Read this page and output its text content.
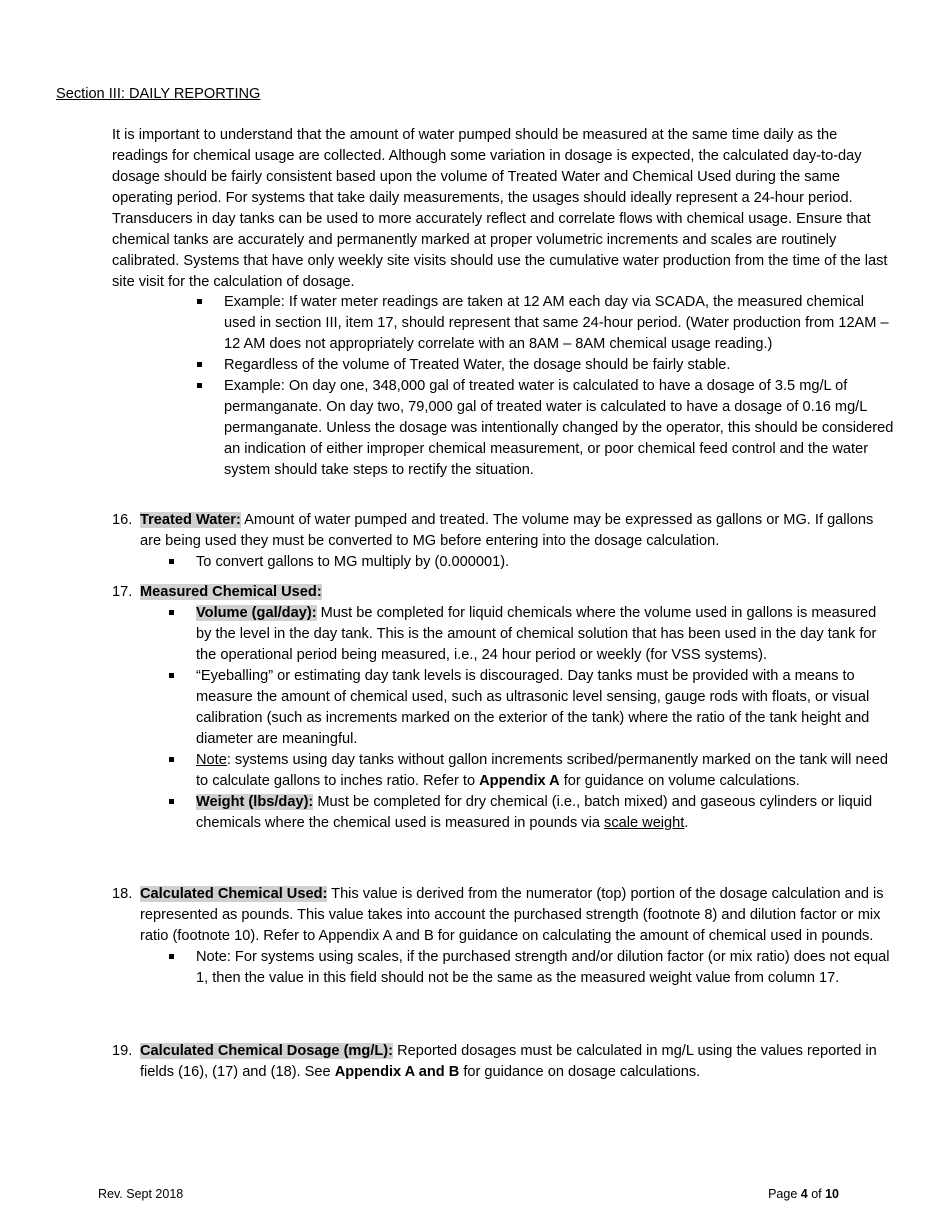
Section III: DAILY REPORTING

It is important to understand that the amount of water pumped should be measured at the same time daily as the readings for chemical usage are collected. Although some variation in dosage is expected, the calculated day-to-day dosage should be fairly consistent based upon the volume of Treated Water and Chemical Used during the same operating period. For systems that take daily measurements, the usages should ideally represent a 24-hour period. Transducers in day tanks can be used to more accurately reflect and correlate flows with chemical usage. Ensure that chemical tanks are accurately and permanently marked at proper volumetric increments and scales are routinely calibrated. Systems that have only weekly site visits should use the cumulative water production from the time of the last site visit for the calculation of dosage.

Example: If water meter readings are taken at 12 AM each day via SCADA, the measured chemical used in section III, item 17, should represent that same 24-hour period. (Water production from 12AM – 12 AM does not appropriately correlate with an 8AM – 8AM chemical usage reading.)
Regardless of the volume of Treated Water, the dosage should be fairly stable.
Example: On day one, 348,000 gal of treated water is calculated to have a dosage of 3.5 mg/L of permanganate. On day two, 79,000 gal of treated water is calculated to have a dosage of 0.16 mg/L permanganate. Unless the dosage was intentionally changed by the operator, this should be considered an indication of either improper chemical measurement, or poor chemical feed control and the water system should take steps to rectify the situation.
16. Treated Water: Amount of water pumped and treated. The volume may be expressed as gallons or MG. If gallons are being used they must be converted to MG before entering into the dosage calculation.
To convert gallons to MG multiply by (0.000001).
17. Measured Chemical Used:
Volume (gal/day): Must be completed for liquid chemicals where the volume used in gallons is measured by the level in the day tank. This is the amount of chemical solution that has been used in the day tank for the operational period being measured, i.e., 24 hour period or weekly (for VSS systems).
“Eyeballing” or estimating day tank levels is discouraged. Day tanks must be provided with a means to measure the amount of chemical used, such as ultrasonic level sensing, gauge rods with floats, or visual calibration (such as increments marked on the exterior of the tank) where the ratio of the tank height and diameter are meaningful.
Note: systems using day tanks without gallon increments scribed/permanently marked on the tank will need to calculate gallons to inches ratio. Refer to Appendix A for guidance on volume calculations.
Weight (lbs/day): Must be completed for dry chemical (i.e., batch mixed) and gaseous cylinders or liquid chemicals where the chemical used is measured in pounds via scale weight.
18. Calculated Chemical Used: This value is derived from the numerator (top) portion of the dosage calculation and is represented as pounds. This value takes into account the purchased strength (footnote 8) and dilution factor or mix ratio (footnote 10). Refer to Appendix A and B for guidance on calculating the amount of chemical used in pounds.
Note: For systems using scales, if the purchased strength and/or dilution factor (or mix ratio) does not equal 1, then the value in this field should not be the same as the measured weight value from column 17.
19. Calculated Chemical Dosage (mg/L): Reported dosages must be calculated in mg/L using the values reported in fields (16), (17) and (18). See Appendix A and B for guidance on dosage calculations.
Rev. Sept 2018	Page 4 of 10
